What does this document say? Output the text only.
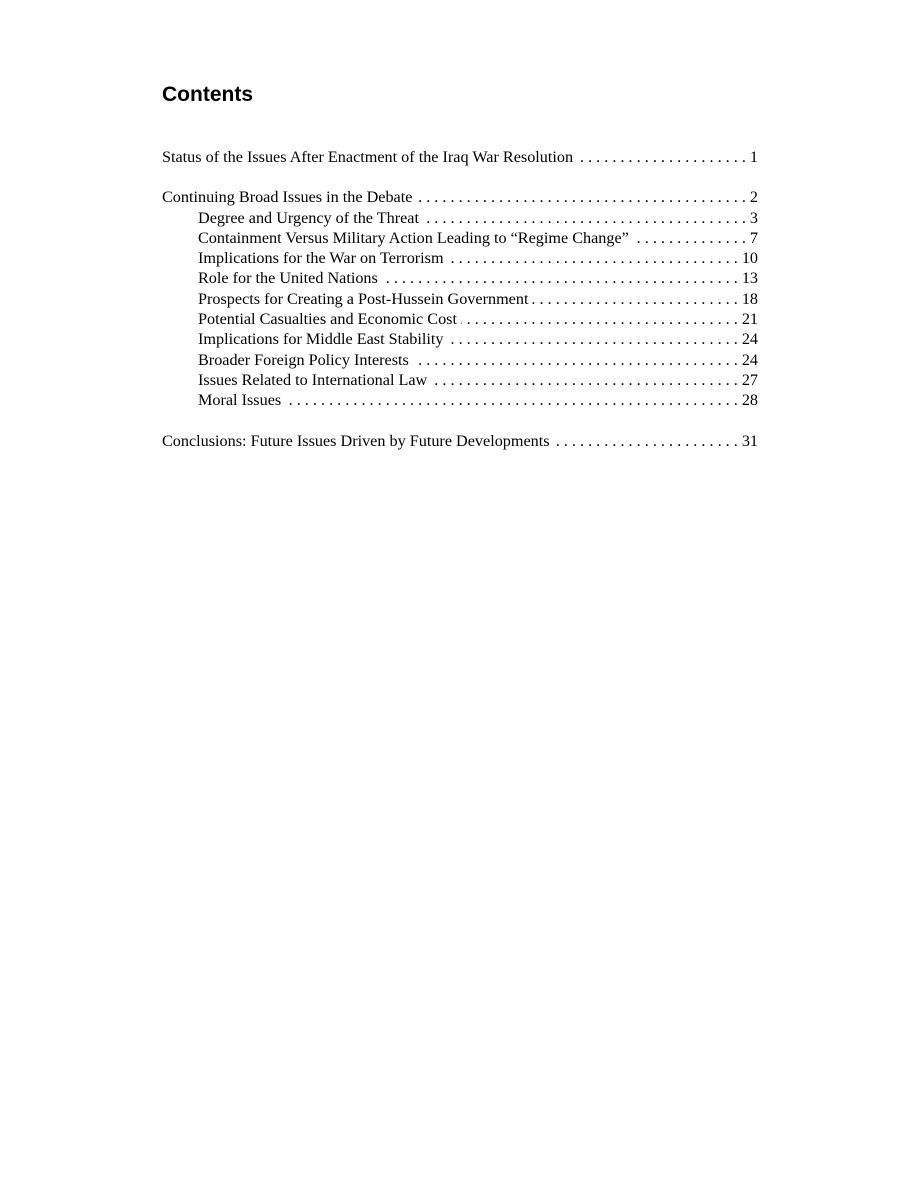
Contents
Status of the Issues After Enactment of the Iraq War Resolution . . .	1
Continuing Broad Issues in the Debate . . .	2
Degree and Urgency of the Threat . . .	3
Containment Versus Military Action Leading to “Regime Change” . . .	7
Implications for the War on Terrorism . . .	10
Role for the United Nations . . .	13
Prospects for Creating a Post-Hussein Government . . .	18
Potential Casualties and Economic Cost . . .	21
Implications for Middle East Stability . . .	24
Broader Foreign Policy Interests . . .	24
Issues Related to International Law . . .	27
Moral Issues . . .	28
Conclusions: Future Issues Driven by Future Developments . . .	31
